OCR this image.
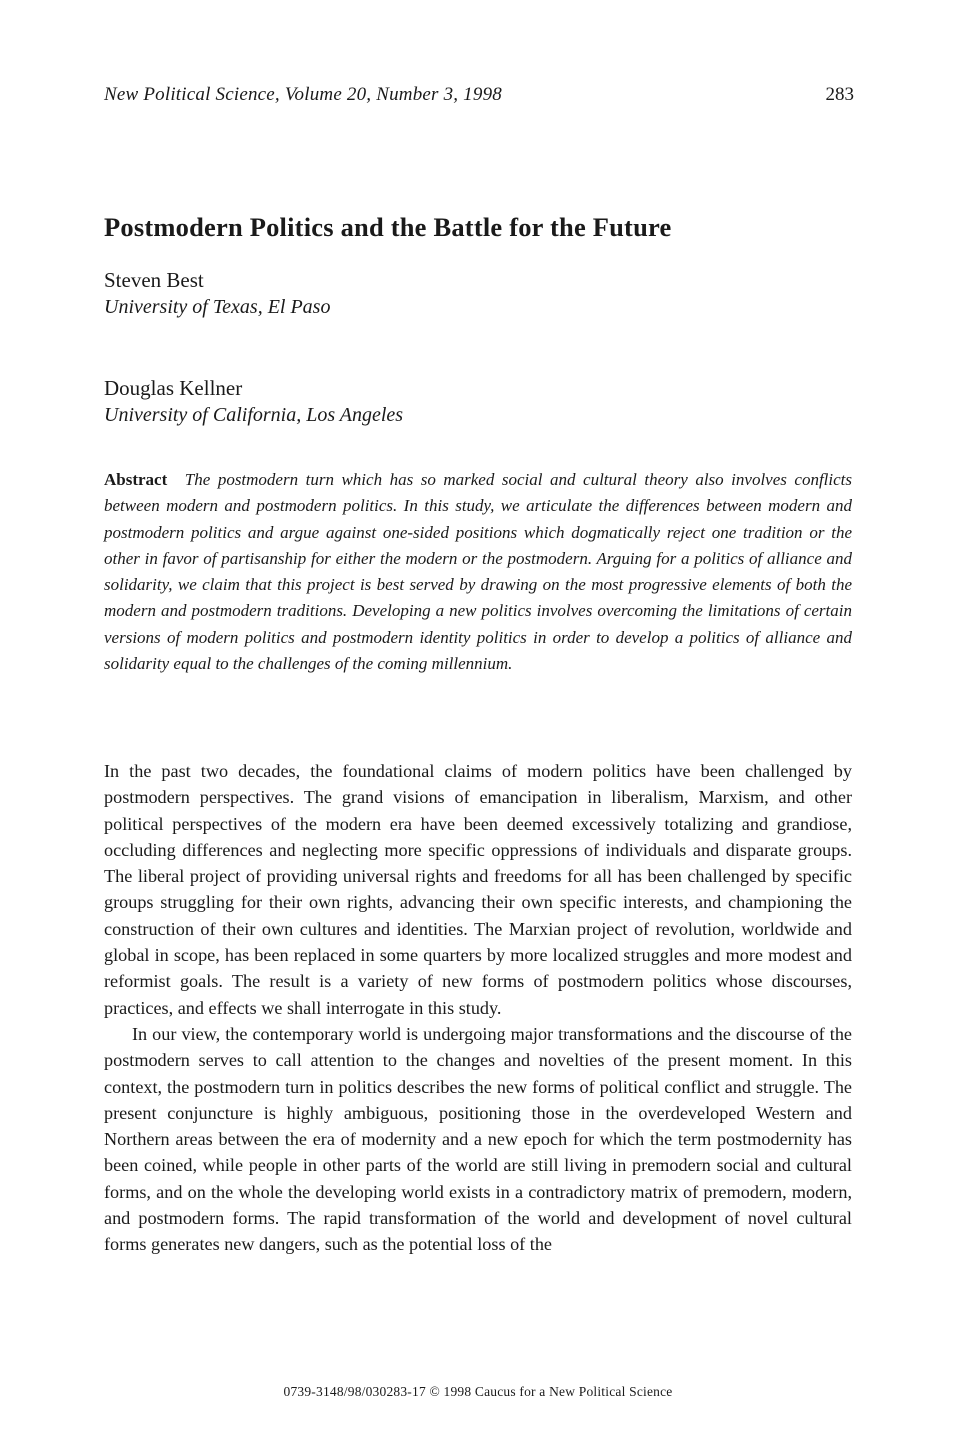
New Political Science, Volume 20, Number 3, 1998	283
Postmodern Politics and the Battle for the Future
Steven Best
University of Texas, El Paso
Douglas Kellner
University of California, Los Angeles

Abstract The postmodern turn which has so marked social and cultural theory also involves conflicts between modern and postmodern politics. In this study, we articulate the differences between modern and postmodern politics and argue against one-sided positions which dogmatically reject one tradition or the other in favor of partisanship for either the modern or the postmodern. Arguing for a politics of alliance and solidarity, we claim that this project is best served by drawing on the most progressive elements of both the modern and postmodern traditions. Developing a new politics involves overcoming the limitations of certain versions of modern politics and postmodern identity politics in order to develop a politics of alliance and solidarity equal to the challenges of the coming millennium.

In the past two decades, the foundational claims of modern politics have been challenged by postmodern perspectives. The grand visions of emancipation in liberalism, Marxism, and other political perspectives of the modern era have been deemed excessively totalizing and grandiose, occluding differences and neglecting more specific oppressions of individuals and disparate groups. The liberal project of providing universal rights and freedoms for all has been challenged by specific groups struggling for their own rights, advancing their own specific interests, and championing the construction of their own cultures and identities. The Marxian project of revolution, worldwide and global in scope, has been replaced in some quarters by more localized struggles and more modest and reformist goals. The result is a variety of new forms of postmodern politics whose discourses, practices, and effects we shall interrogate in this study.

In our view, the contemporary world is undergoing major transformations and the discourse of the postmodern serves to call attention to the changes and novelties of the present moment. In this context, the postmodern turn in politics describes the new forms of political conflict and struggle. The present conjuncture is highly ambiguous, positioning those in the overdeveloped Western and Northern areas between the era of modernity and a new epoch for which the term postmodernity has been coined, while people in other parts of the world are still living in premodern social and cultural forms, and on the whole the developing world exists in a contradictory matrix of premodern, modern, and postmodern forms. The rapid transformation of the world and development of novel cultural forms generates new dangers, such as the potential loss of the

0739-3148/98/030283-17 © 1998 Caucus for a New Political Science
